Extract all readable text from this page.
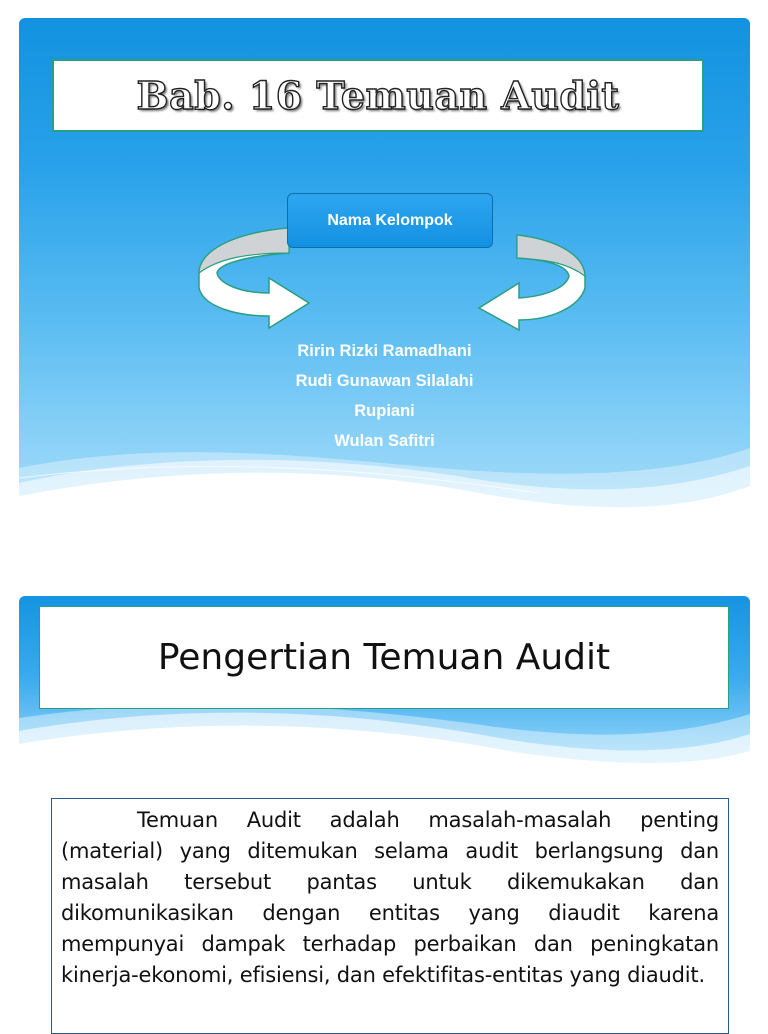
Bab. 16 Temuan Audit
Nama Kelompok
Ririn Rizki Ramadhani
Rudi Gunawan Silalahi
Rupiani
Wulan Safitri
Pengertian Temuan Audit

Temuan Audit adalah masalah-masalah penting (material) yang ditemukan selama audit berlangsung dan masalah tersebut pantas untuk dikemukakan dan dikomunikasikan dengan entitas yang diaudit karena mempunyai dampak terhadap perbaikan dan peningkatan kinerja-ekonomi, efisiensi, dan efektifitas-entitas yang diaudit.
